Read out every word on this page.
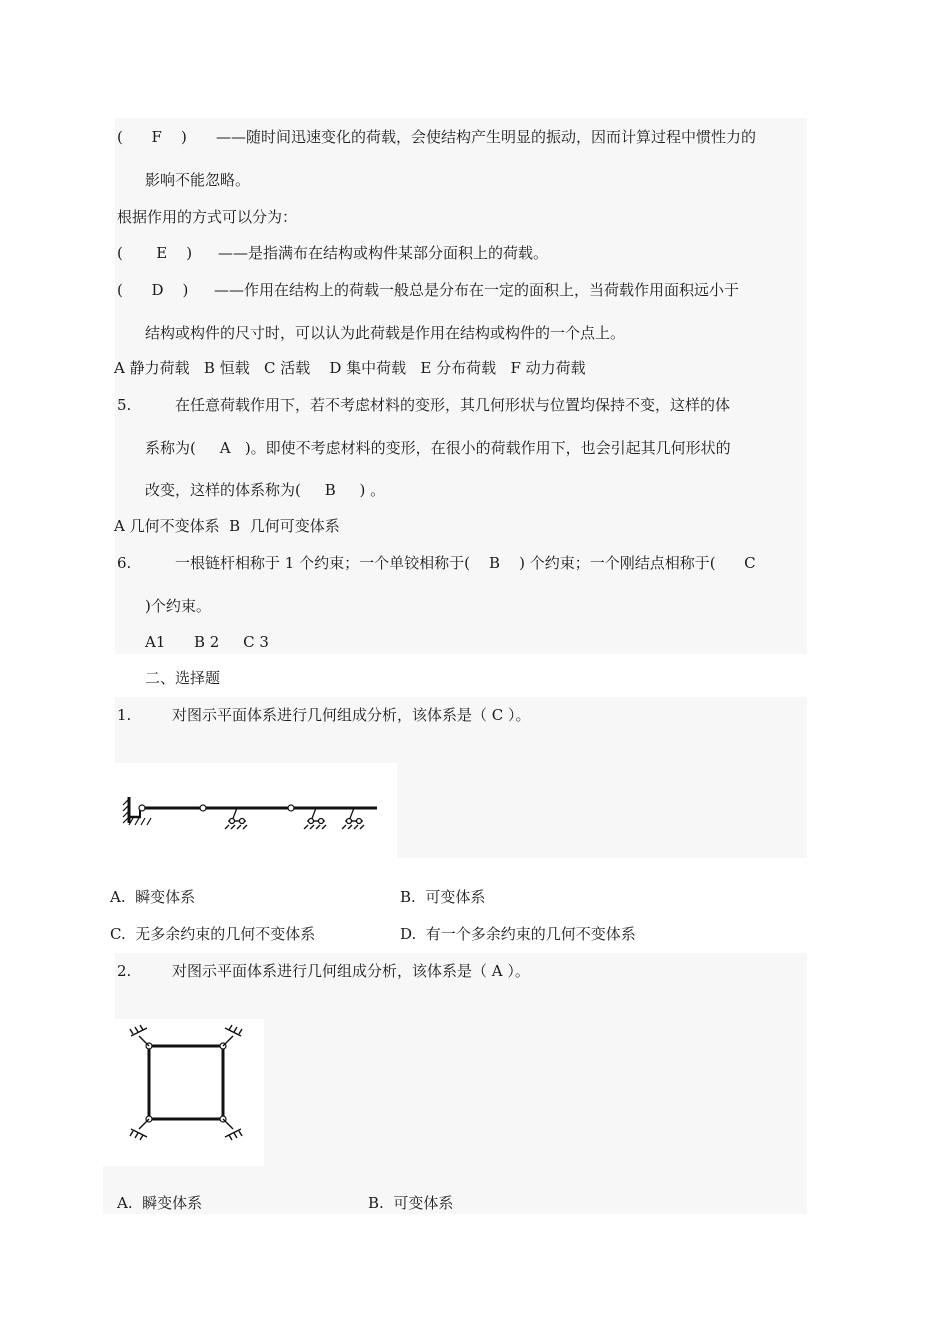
(      F    ) ——随时间迅速变化的荷载，会使结构产生明显的振动，因而计算过程中惯性力的
影响不能忽略。
根据作用的方式可以分为：
(       E    ) ——是指满布在结构或构件某部分面积上的荷载。
(      D    ) ——作用在结构上的荷载一般总是分布在一定的面积上，当荷载作用面积远小于
结构或构件的尺寸时，可以认为此荷载是作用在结构或构件的一个点上。
A 静力荷载   B 恒载   C 活载    D 集中荷载   E 分布荷载   F 动力荷载
5.	在任意荷载作用下，若不考虑材料的变形，其几何形状与位置均保持不变，这样的体
系称为(     A   )。即使不考虑材料的变形，在很小的荷载作用下，也会引起其几何形状的
改变，这样的体系称为(     B     ) 。
A 几何不变体系  B  几何可变体系
6.	一根链杆相称于 1 个约束；一个单铰相称于(    B    ) 个约束；一个刚结点相称于(      C
)个约束。
A1      B 2     C 3
二、选择题
1.	对图示平面体系进行几何组成分析，该体系是（ C ）。
A.  瞬变体系	B.  可变体系
C.  无多余约束的几何不变体系	D.  有一个多余约束的几何不变体系
2.	对图示平面体系进行几何组成分析，该体系是（ A ）。
A.  瞬变体系	B.  可变体系
